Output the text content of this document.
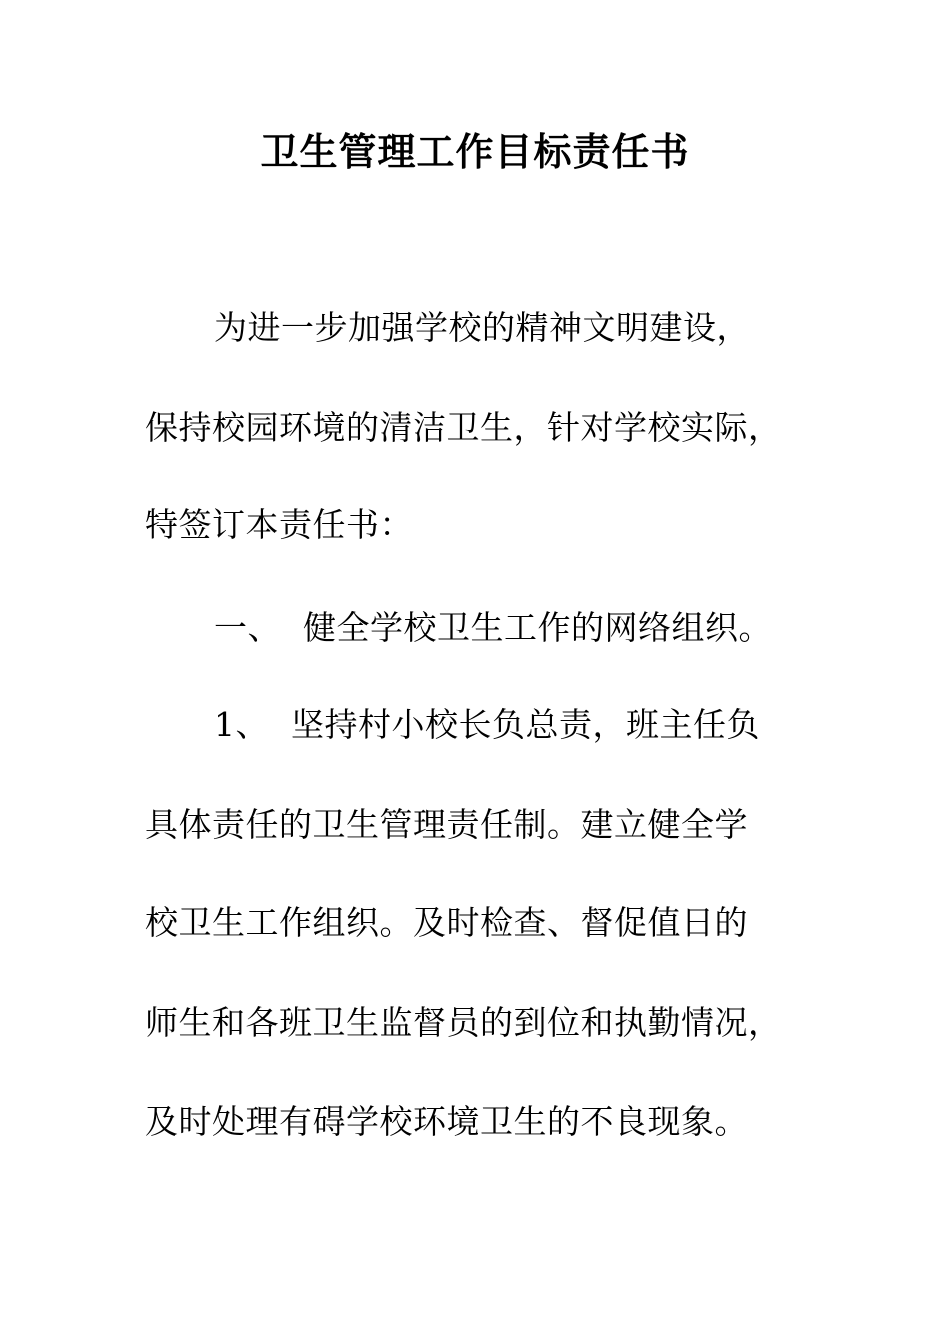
卫生管理工作目标责任书
为进一步加强学校的精神文明建设，
保持校园环境的清洁卫生，针对学校实际，
特签订本责任书：
一、 健全学校卫生工作的网络组织。
1、 坚持村小校长负总责，班主任负
具体责任的卫生管理责任制。建立健全学
校卫生工作组织。及时检查、督促值日的
师生和各班卫生监督员的到位和执勤情况，
及时处理有碍学校环境卫生的不良现象。
